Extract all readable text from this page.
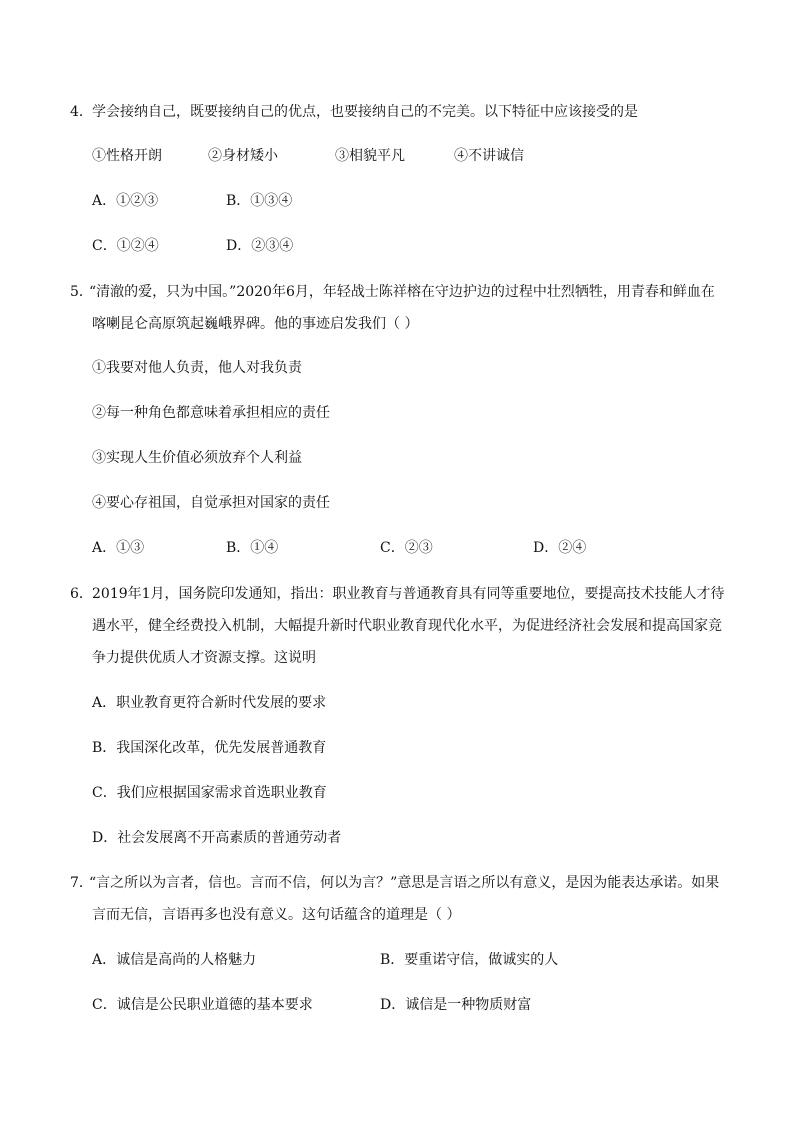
4． 学会接纳自己，既要接纳自己的优点，也要接纳自己的不完美。以下特征中应该接受的是
①性格开朗	②身材矮小	③相貌平凡	④不讲诚信
A．①②③	B．①③④
C．①②④	D．②③④
5．
“清澈的爱，只为中国。”2020年6月，年轻战士陈祥榕在守边护边的过程中壮烈牺牲，用青春和鲜血在
喀喇昆仑高原筑起巍峨界碑。他的事迹启发我们（ ）
①我要对他人负责，他人对我负责
②每一种角色都意味着承担相应的责任
③实现人生价值必须放弃个人利益
④要心存祖国，自觉承担对国家的责任
A．①③	B．①④	C．②③	D．②④
6． 2019年1月，国务院印发通知，指出：职业教育与普通教育具有同等重要地位，要提高技术技能人才待
遇水平，健全经费投入机制，大幅提升新时代职业教育现代化水平，为促进经济社会发展和提高国家竞
争力提供优质人才资源支撑。这说明
A．职业教育更符合新时代发展的要求
B．我国深化改革，优先发展普通教育
C．我们应根据国家需求首选职业教育
D．社会发展离不开高素质的普通劳动者
7．
“言之所以为言者，信也。言而不信，何以为言？”意思是言语之所以有意义，是因为能表达承诺。如果
言而无信，言语再多也没有意义。这句话蕴含的道理是（ ）
A．诚信是高尚的人格魅力	B．要重诺守信，做诚实的人
C．诚信是公民职业道德的基本要求	D．诚信是一种物质财富
